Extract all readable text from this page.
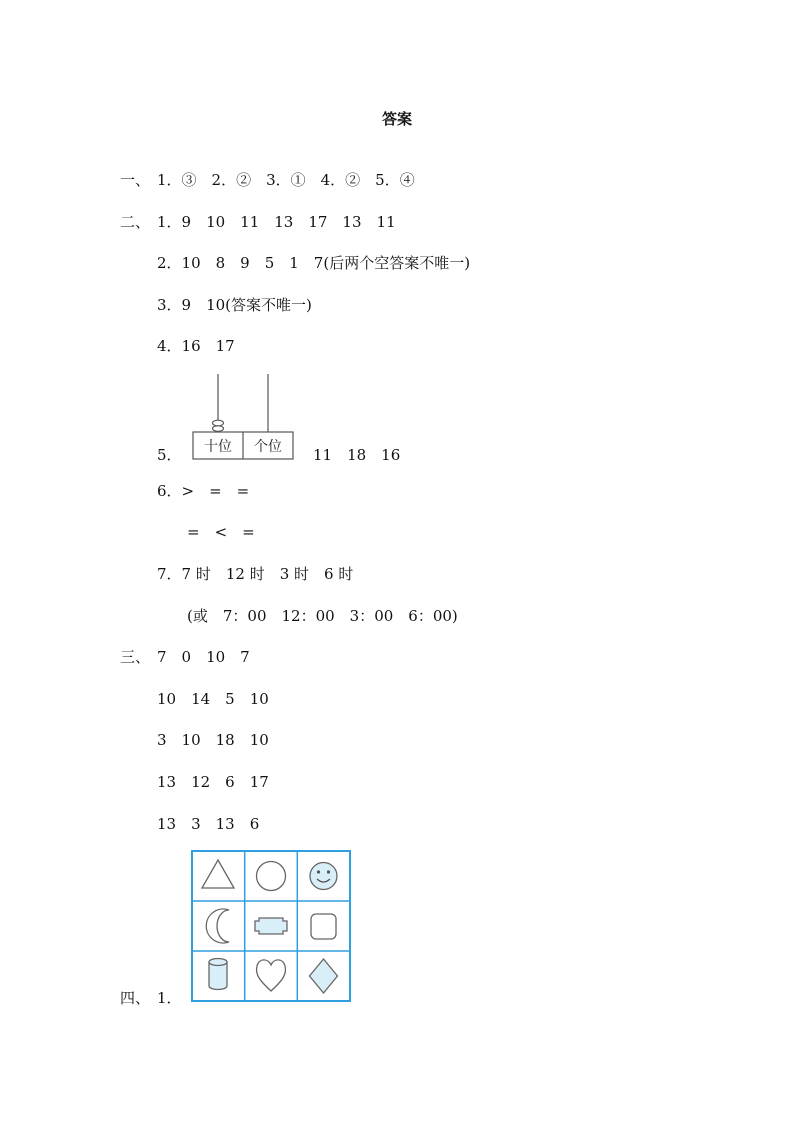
答案
一、 1．③　2．②　3．①　4．②　5．④
二、 1．9　10　11　13　17　13　11
2．10　8　9　5　1　7(后两个空答案不唯一)
3．9　10(答案不唯一)
4．16　17
5． 十位 个位 11　18　16
6．>　=　=
=　<　=
7．7 时　12 时　3 时　6 时
(或　7：00　12：00　3：00　6：00)
三、 7　0　10　7
10　14　5　10
3　10　18　10
13　12　6　17
13　3　13　6
四、 1．
